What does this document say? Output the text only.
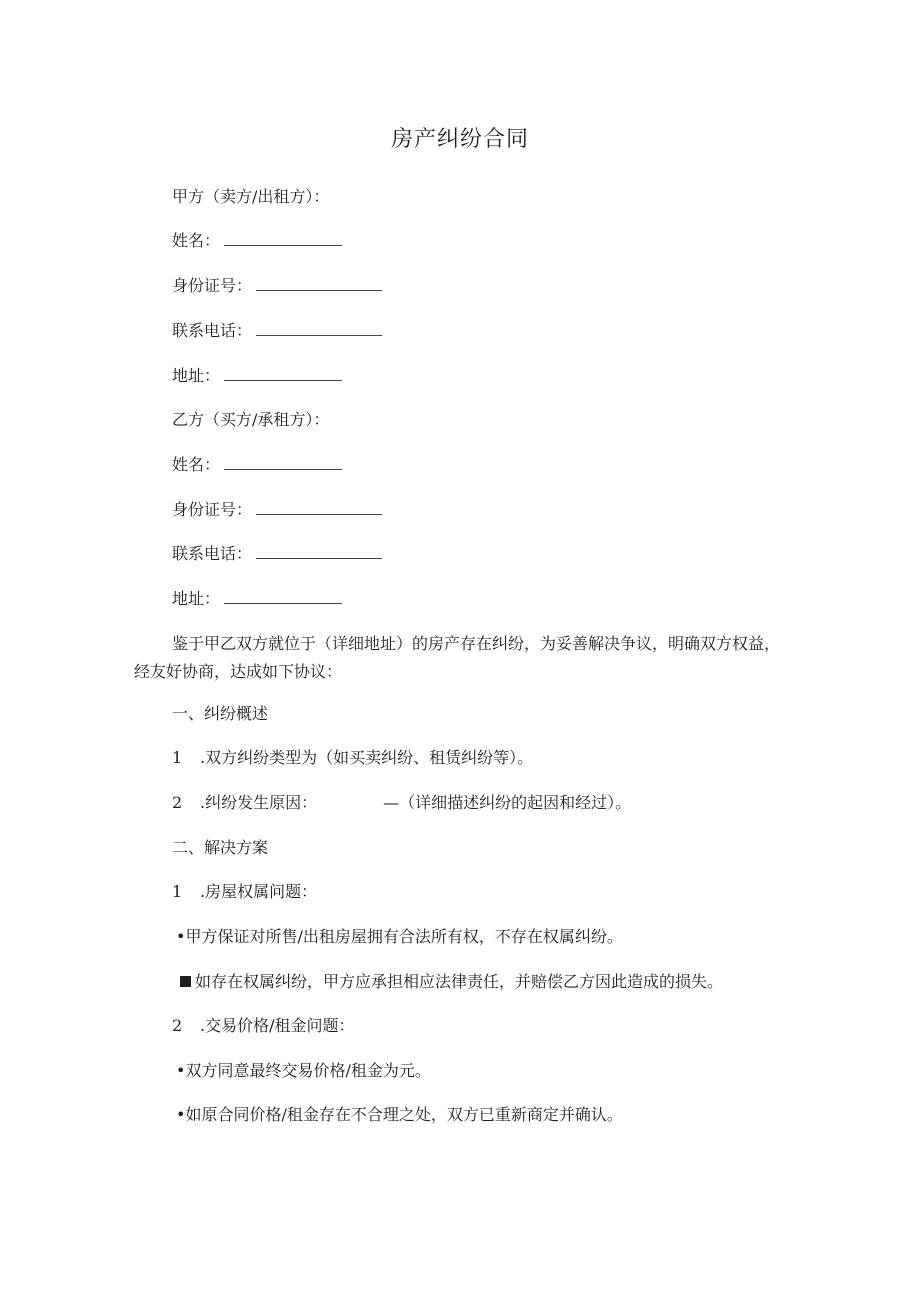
房产纠纷合同
甲方（卖方/出租方）：
姓名：
身份证号：
联系电话：
地址：
乙方（买方/承租方）：
姓名：
身份证号：
联系电话：
地址：
鉴于甲乙双方就位于（详细地址）的房产存在纠纷，为妥善解决争议，明确双方权益，经友好协商，达成如下协议：
一、纠纷概述
1 .双方纠纷类型为（如买卖纠纷、租赁纠纷等）。
2 .纠纷发生原因：	—（详细描述纠纷的起因和经过）。
二、解决方案
1 .房屋权属问题：
•甲方保证对所售/出租房屋拥有合法所有权，不存在权属纠纷。
如存在权属纠纷，甲方应承担相应法律责任，并赔偿乙方因此造成的损失。
2 .交易价格/租金问题：
•双方同意最终交易价格/租金为元。
•如原合同价格/租金存在不合理之处，双方已重新商定并确认。
